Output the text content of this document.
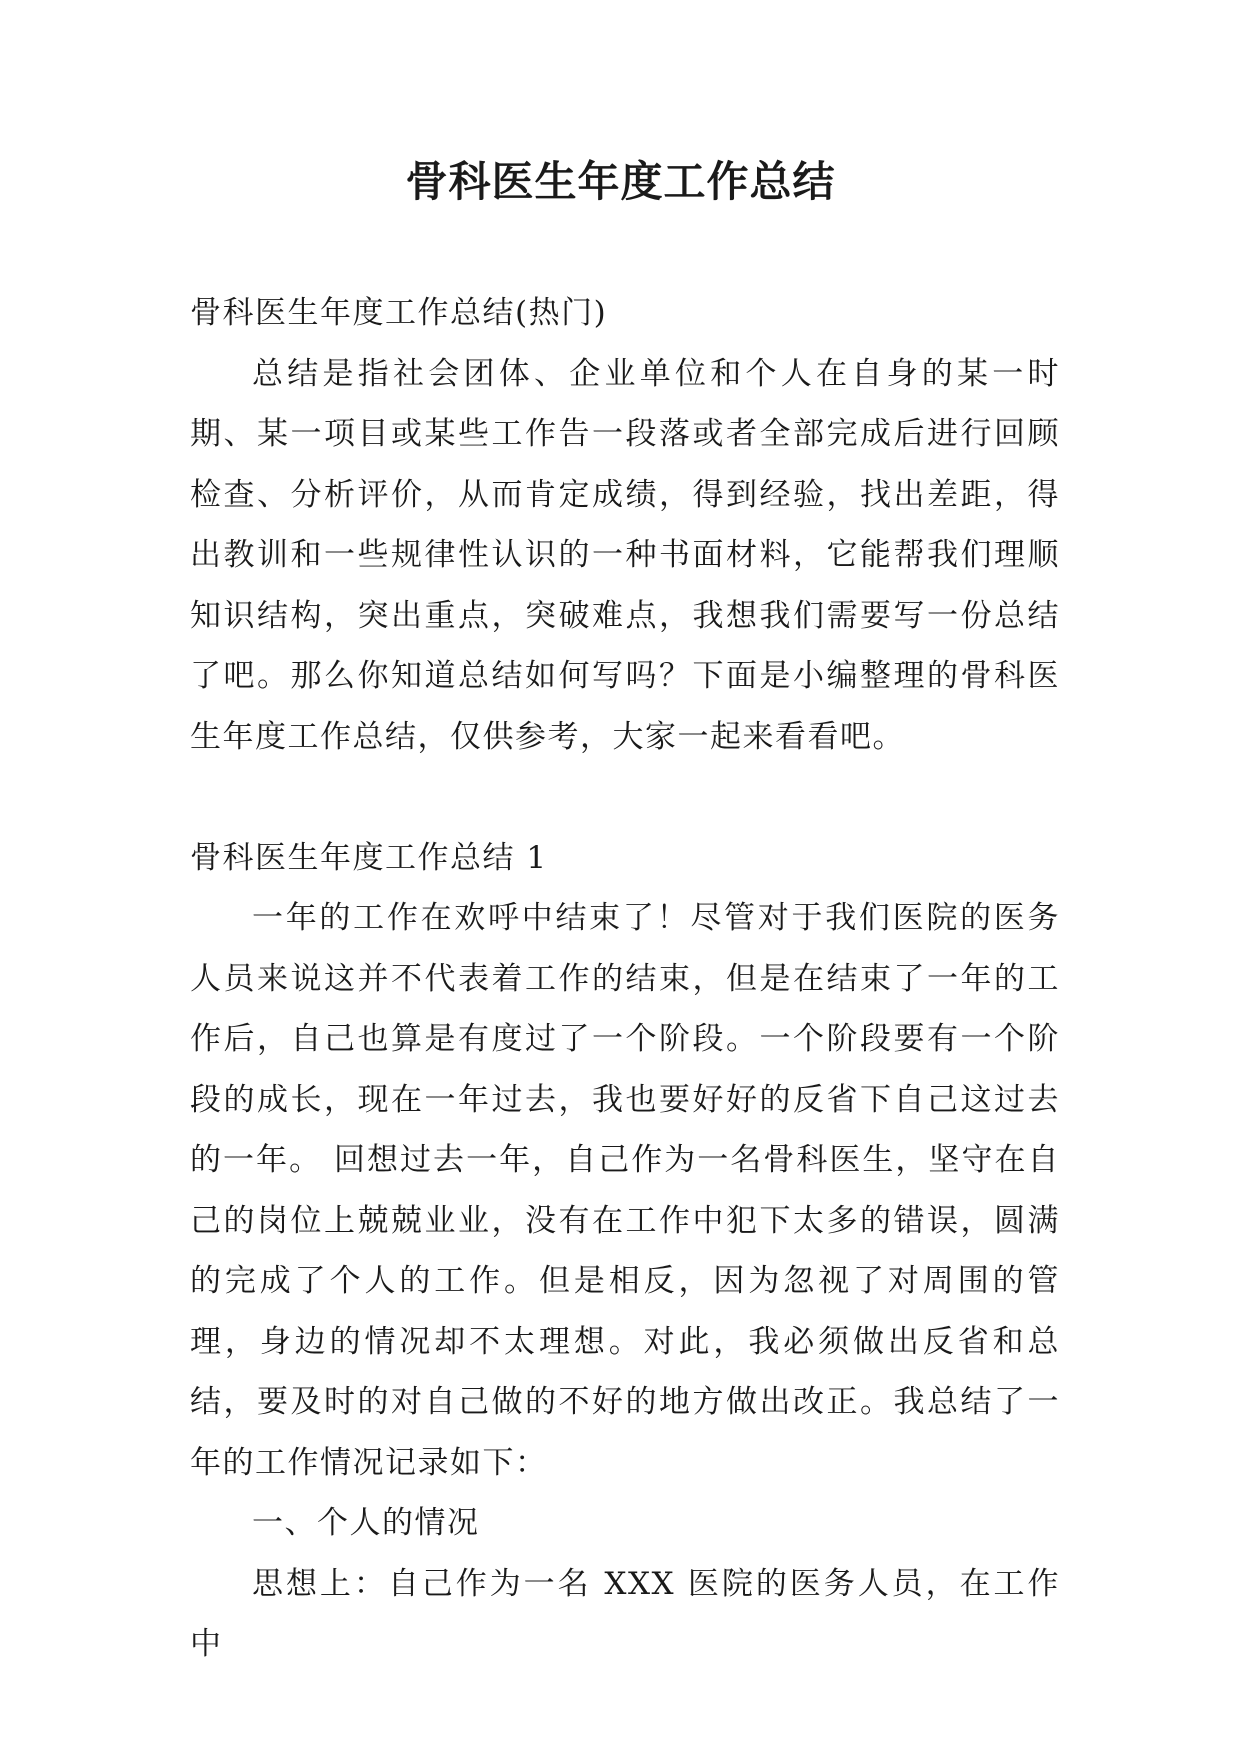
骨科医生年度工作总结

骨科医生年度工作总结(热门)

总结是指社会团体、企业单位和个人在自身的某一时期、某一项目或某些工作告一段落或者全部完成后进行回顾检查、分析评价，从而肯定成绩，得到经验，找出差距，得出教训和一些规律性认识的一种书面材料，它能帮我们理顺知识结构，突出重点，突破难点，我想我们需要写一份总结了吧。那么你知道总结如何写吗？下面是小编整理的骨科医生年度工作总结，仅供参考，大家一起来看看吧。

骨科医生年度工作总结 1

一年的工作在欢呼中结束了！尽管对于我们医院的医务人员来说这并不代表着工作的结束，但是在结束了一年的工作后，自己也算是有度过了一个阶段。一个阶段要有一个阶段的成长，现在一年过去，我也要好好的反省下自己这过去的一年。 回想过去一年，自己作为一名骨科医生，坚守在自己的岗位上兢兢业业，没有在工作中犯下太多的错误，圆满的完成了个人的工作。但是相反，因为忽视了对周围的管理，身边的情况却不太理想。对此，我必须做出反省和总结，要及时的对自己做的不好的地方做出改正。我总结了一年的工作情况记录如下：

一、个人的情况

思想上：自己作为一名 XXX 医院的医务人员，在工作中
